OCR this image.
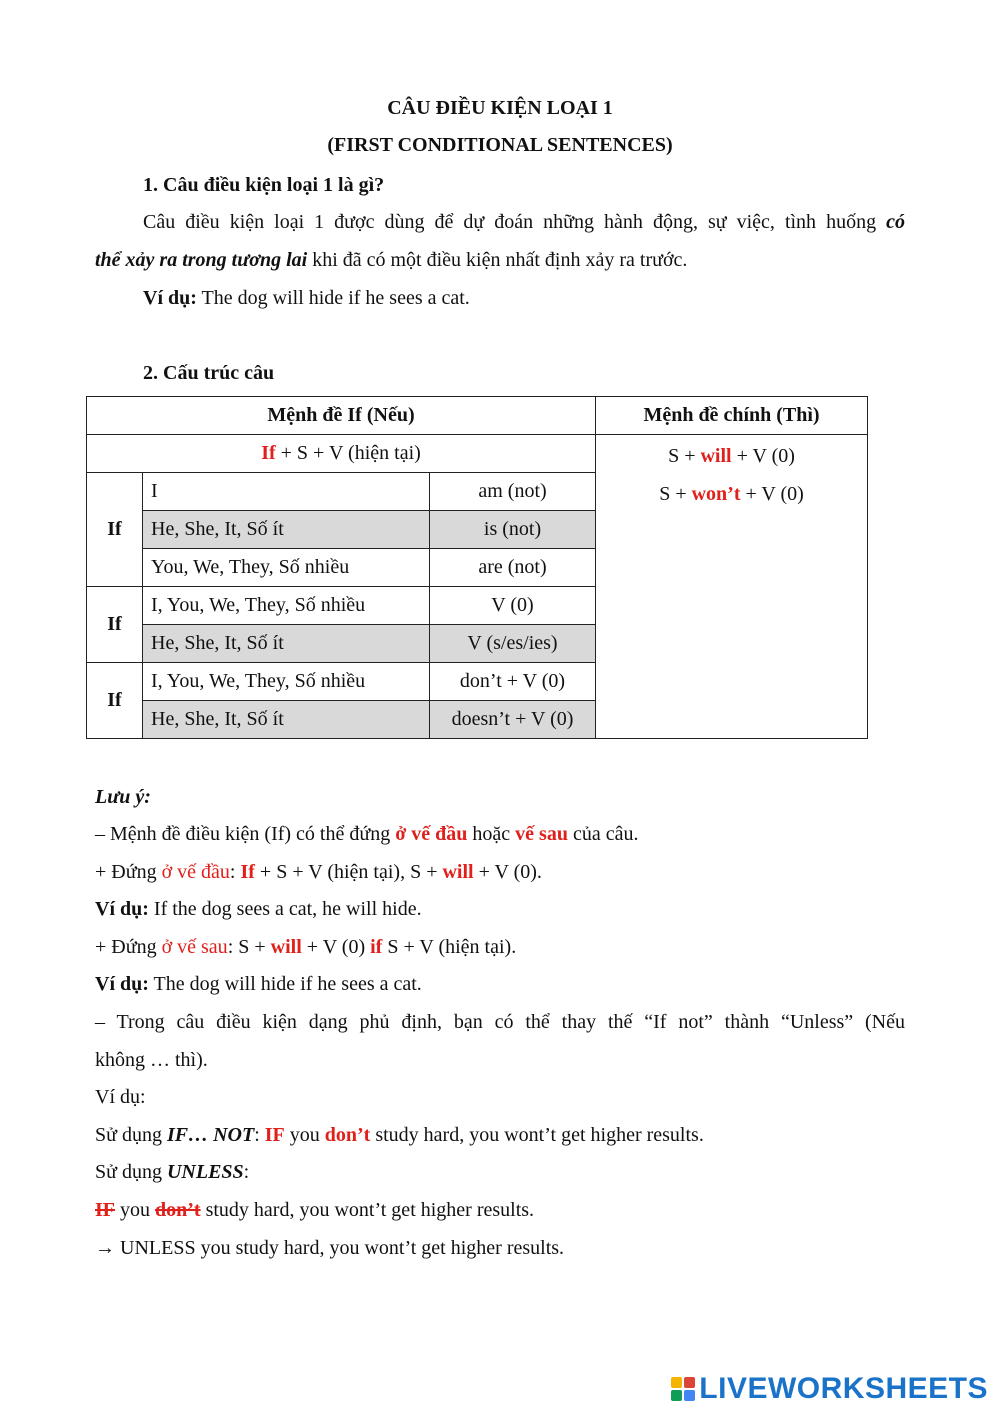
CÂU ĐIỀU KIỆN LOẠI 1
(FIRST CONDITIONAL SENTENCES)
1. Câu điều kiện loại 1 là gì?
Câu điều kiện loại 1 được dùng để dự đoán những hành động, sự việc, tình huống có
thể xảy ra trong tương lai khi đã có một điều kiện nhất định xảy ra trước.
Ví dụ: The dog will hide if he sees a cat.
2. Cấu trúc câu
Mệnh đề If (Nếu)			Mệnh đề chính (Thì)
If + S + V (hiện tại)			S + will + V (0)
S + won’t + V (0)

If	I	am (not)	
	He, She, It, Số ít	is (not)	
	You, We, They, Số nhiều	are (not)	
If	I, You, We, They, Số nhiều	V (0)	
	He, She, It, Số ít	V (s/es/ies)	
If	I, You, We, They, Số nhiều	don’t + V (0)	
	He, She, It, Số ít	doesn’t + V (0)	
Lưu ý:
– Mệnh đề điều kiện (If) có thể đứng ở vế đầu hoặc vế sau của câu.
+ Đứng ở vế đầu: If + S + V (hiện tại), S + will + V (0).
Ví dụ: If the dog sees a cat, he will hide.
+ Đứng ở vế sau: S + will + V (0) if S + V (hiện tại).
Ví dụ: The dog will hide if he sees a cat.
– Trong câu điều kiện dạng phủ định, bạn có thể thay thế “If not” thành “Unless” (Nếu
không … thì).
Ví dụ:
Sử dụng IF… NOT: IF you don’t study hard, you wont’t get higher results.
Sử dụng UNLESS:
IF you don’t study hard, you wont’t get higher results.
→ UNLESS you study hard, you wont’t get higher results.
LIVEWORKSHEETS
